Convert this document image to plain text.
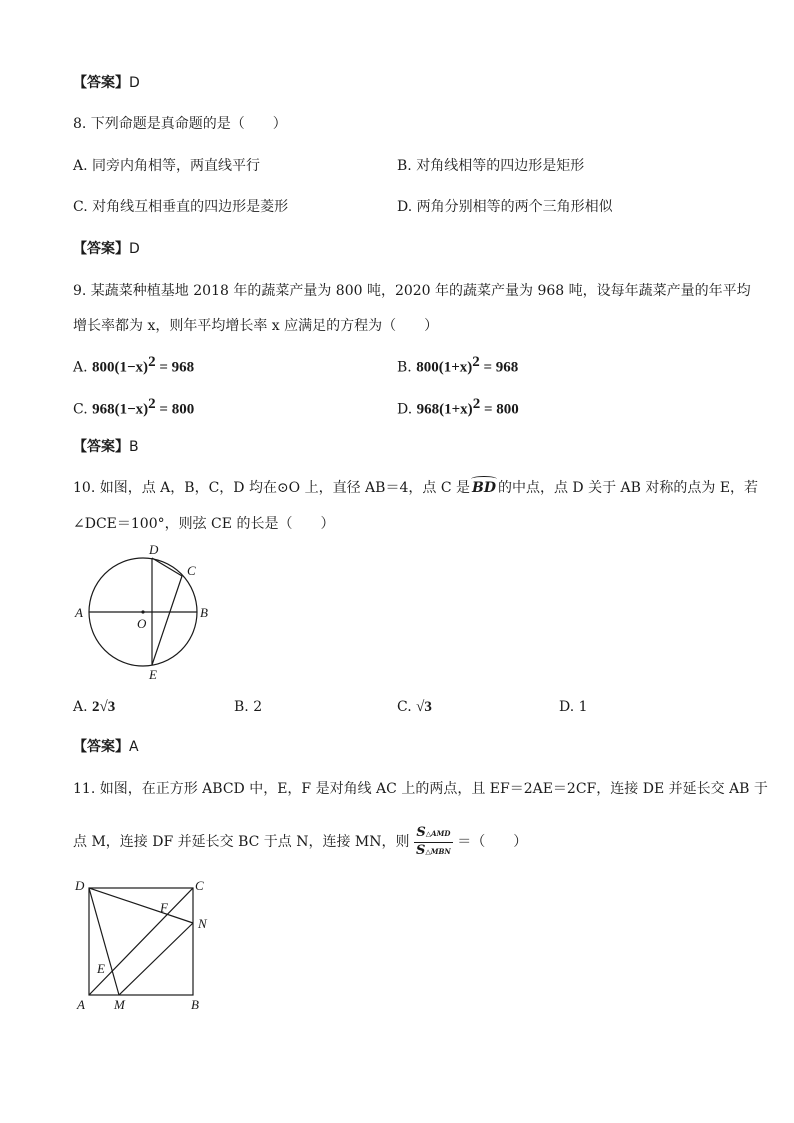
【答案】D
8. 下列命题是真命题的是（　　）
A. 同旁内角相等，两直线平行	B. 对角线相等的四边形是矩形
C. 对角线互相垂直的四边形是菱形	D. 两角分别相等的两个三角形相似
【答案】D
9. 某蔬菜种植基地 2018 年的蔬菜产量为 800 吨，2020 年的蔬菜产量为 968 吨，设每年蔬菜产量的年平均
增长率都为 x，则年平均增长率 x 应满足的方程为（　　）
A. $800(1-x)^2 = 968$	B. $800(1+x)^2 = 968$
C. $968(1-x)^2 = 800$	D. $968(1+x)^2 = 800$
【答案】B
10. 如图，点 A，B，C，D 均在⊙O 上，直径 AB＝4，点 C 是 BD 的中点，点 D 关于 AB 对称的点为 E，若
∠DCE＝100°，则弦 CE 的长是（　　）
D
C
A
O
B
E
A. 2√3	B. 2	C. √3	D. 1
【答案】A
11. 如图，在正方形 ABCD 中，E，F 是对角线 AC 上的两点，且 EF＝2AE＝2CF，连接 DE 并延长交 AB 于
点 M，连接 DF 并延长交 BC 于点 N，连接 MN，则 $\frac{\text{S△AMD}}{\text{S△MBN}}$ ＝（　　）
D	C
F
N
E
A M	B
